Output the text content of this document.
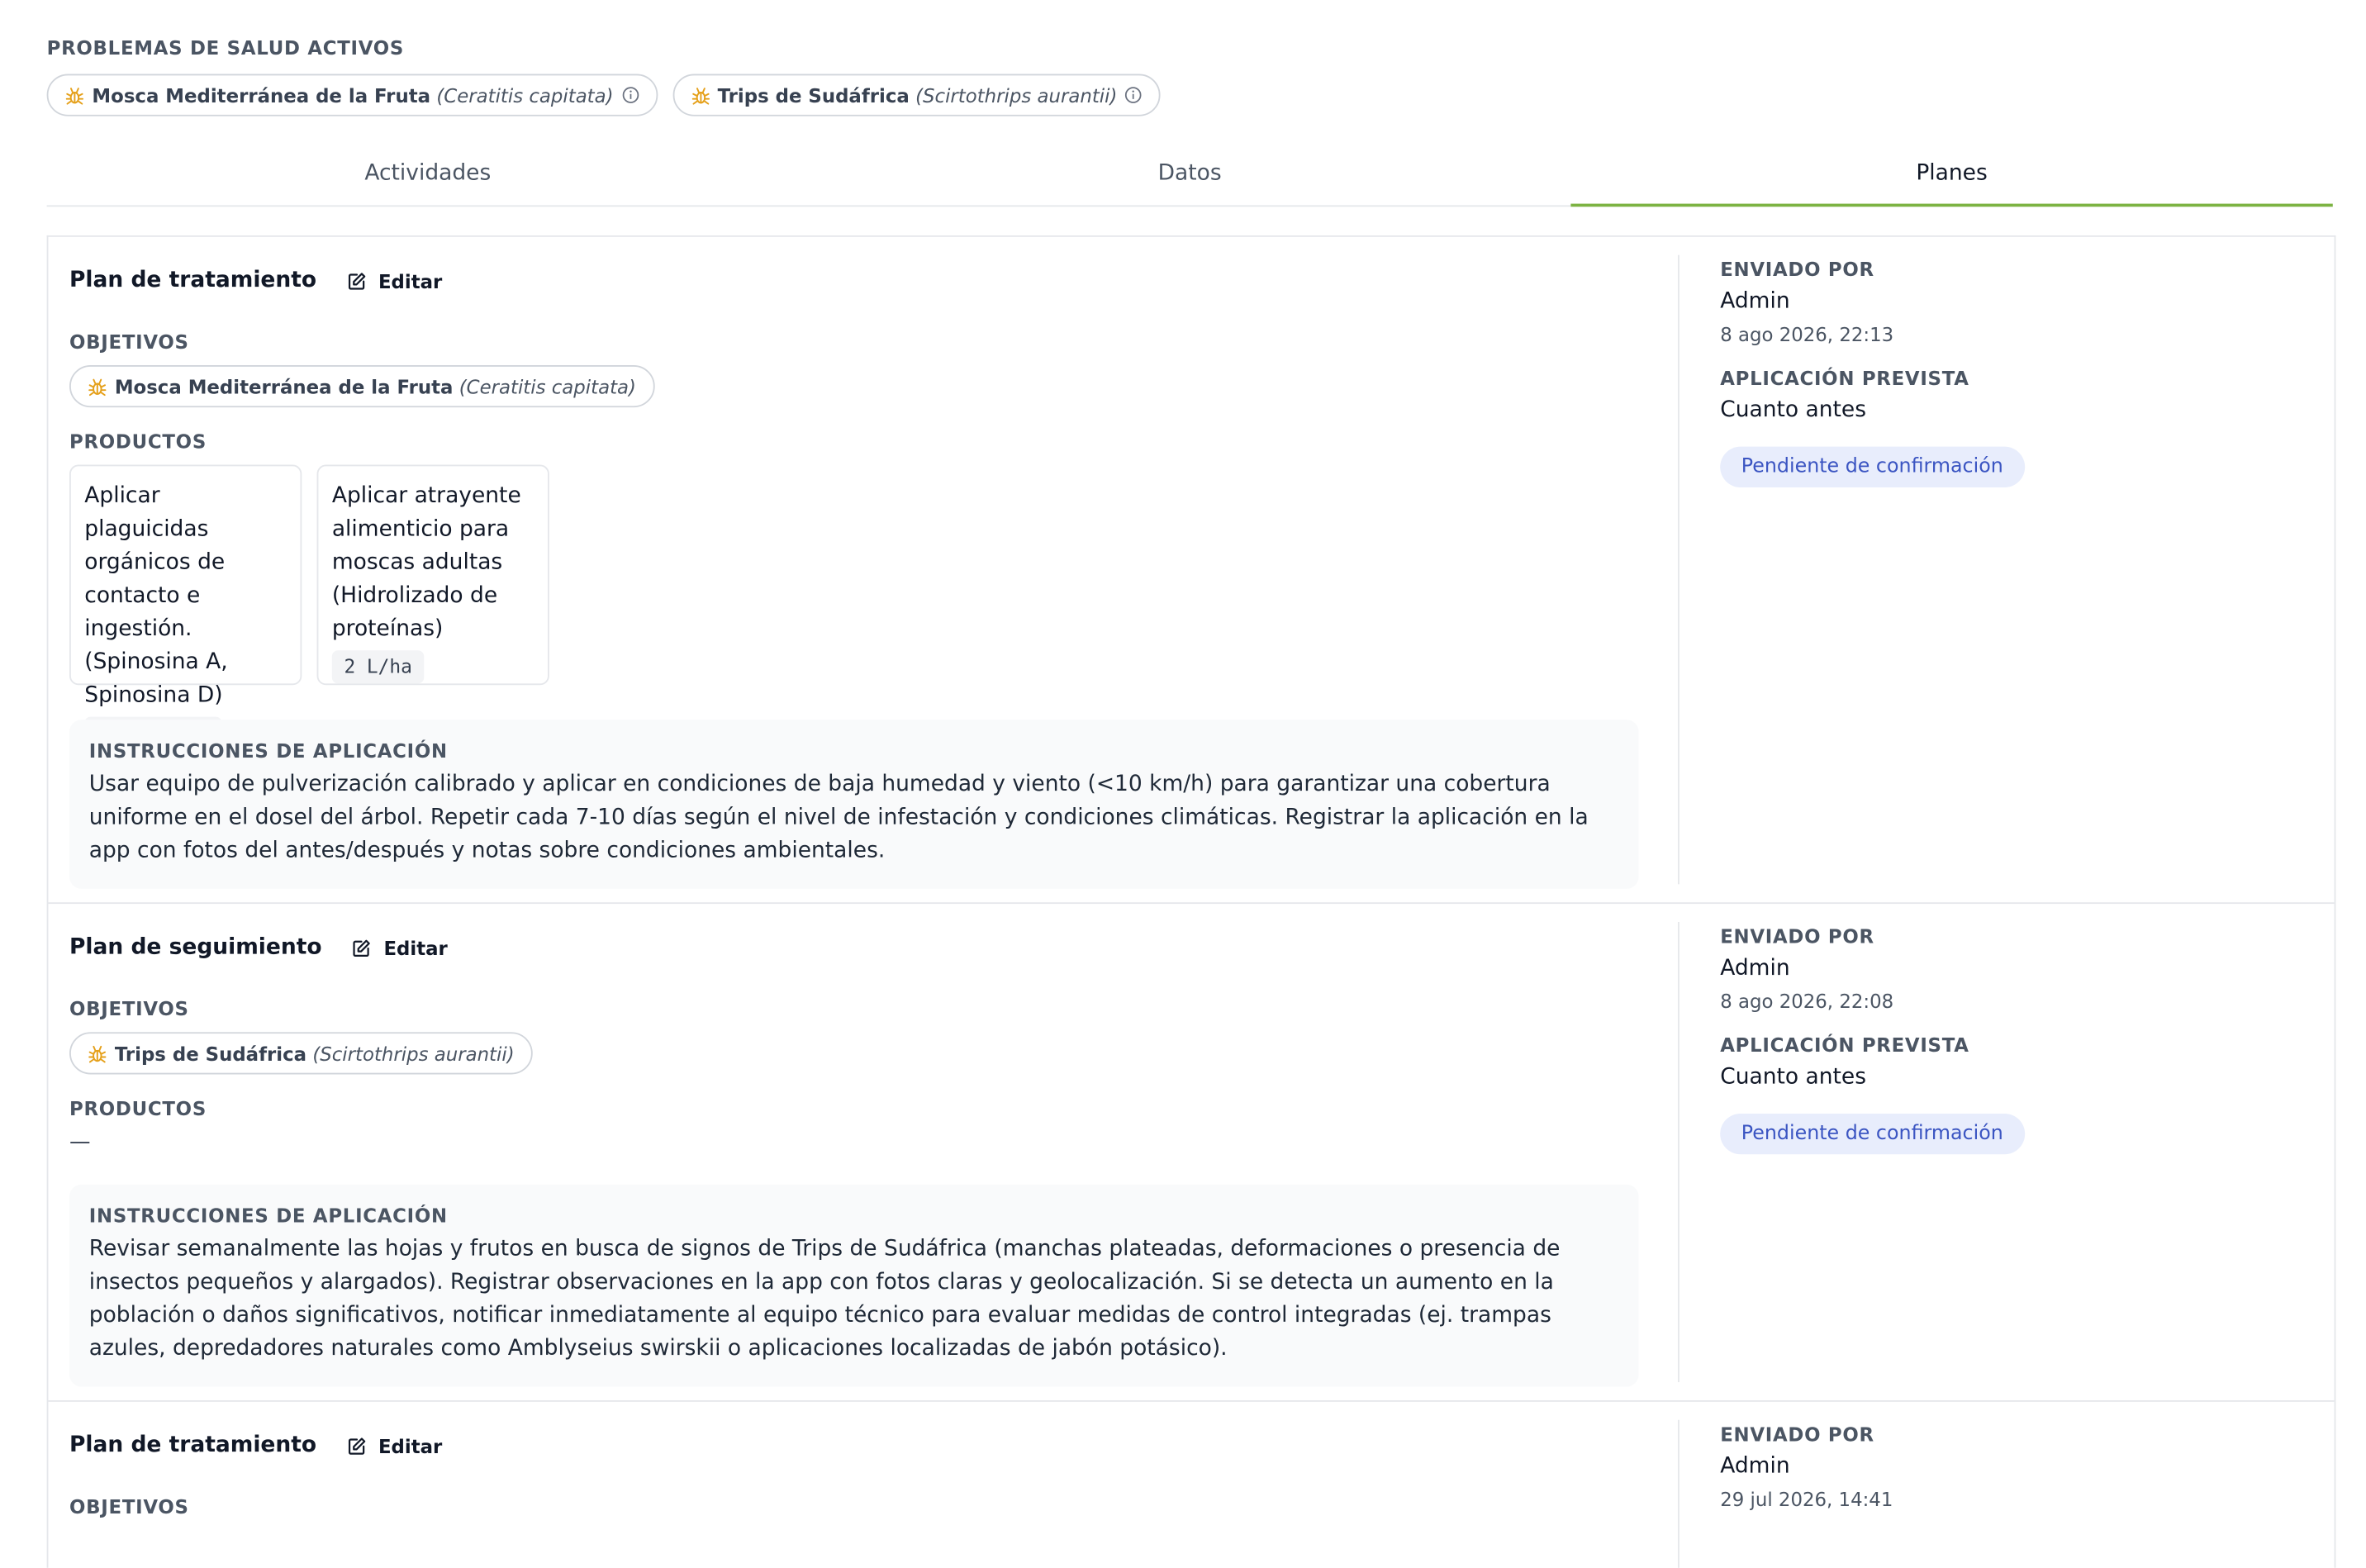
PROBLEMAS DE SALUD ACTIVOS
Mosca Mediterránea de la Fruta (Ceratitis capitata)	Trips de Sudáfrica (Scirtothrips aurantii)
Actividades	Datos	Planes
Plan de tratamiento	Editar
OBJETIVOS
Mosca Mediterránea de la Fruta (Ceratitis capitata)
PRODUCTOS
Aplicar plaguicidas orgánicos de contacto e ingestión. (Spinosina A, Spinosina D)
Aplicar atrayente alimenticio para moscas adultas (Hidrolizado de proteínas)
2 L/ha
INSTRUCCIONES DE APLICACIÓN
Usar equipo de pulverización calibrado y aplicar en condiciones de baja humedad y viento (<10 km/h) para garantizar una cobertura uniforme en el dosel del árbol. Repetir cada 7-10 días según el nivel de infestación y condiciones climáticas. Registrar la aplicación en la app con fotos del antes/después y notas sobre condiciones ambientales.
ENVIADO POR
Admin
8 ago 2026, 22:13
APLICACIÓN PREVISTA
Cuanto antes
Pendiente de confirmación
Plan de seguimiento	Editar
OBJETIVOS
Trips de Sudáfrica (Scirtothrips aurantii)
PRODUCTOS
—
INSTRUCCIONES DE APLICACIÓN
Revisar semanalmente las hojas y frutos en busca de signos de Trips de Sudáfrica (manchas plateadas, deformaciones o presencia de insectos pequeños y alargados). Registrar observaciones en la app con fotos claras y geolocalización. Si se detecta un aumento en la población o daños significativos, notificar inmediatamente al equipo técnico para evaluar medidas de control integradas (ej. trampas azules, depredadores naturales como Amblyseius swirskii o aplicaciones localizadas de jabón potásico).
ENVIADO POR
Admin
8 ago 2026, 22:08
APLICACIÓN PREVISTA
Cuanto antes
Pendiente de confirmación
Plan de tratamiento	Editar
OBJETIVOS
ENVIADO POR
Admin
29 jul 2026, 14:41
